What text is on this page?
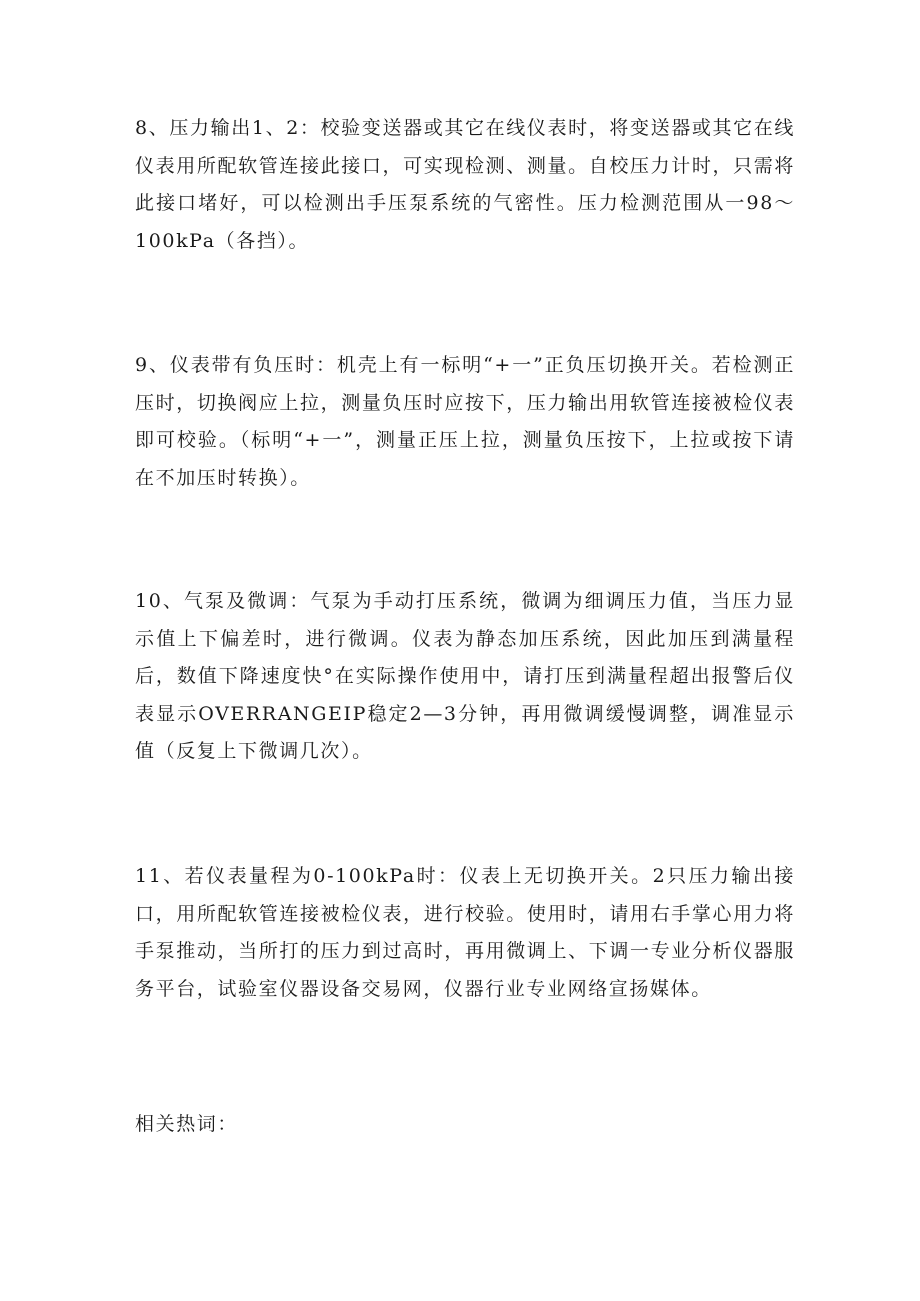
8、压力输出1、2：校验变送器或其它在线仪表时，将变送器或其它在线仪表用所配软管连接此接口，可实现检测、测量。自校压力计时，只需将此接口堵好，可以检测出手压泵系统的气密性。压力检测范围从一98～100kPa（各挡）。

9、仪表带有负压时：机壳上有一标明“+一”正负压切换开关。若检测正压时，切换阀应上拉，测量负压时应按下，压力输出用软管连接被检仪表即可校验。（标明“+一”，测量正压上拉，测量负压按下，上拉或按下请在不加压时转换）。

10、气泵及微调：气泵为手动打压系统，微调为细调压力值，当压力显示值上下偏差时，进行微调。仪表为静态加压系统，因此加压到满量程后，数值下降速度快°在实际操作使用中，请打压到满量程超出报警后仪表显示OVERRANGEIP稳定2—3分钟，再用微调缓慢调整，调准显示值（反复上下微调几次）。

11、若仪表量程为0-100kPa时：仪表上无切换开关。2只压力输出接口，用所配软管连接被检仪表，进行校验。使用时，请用右手掌心用力将手泵推动，当所打的压力到过高时，再用微调上、下调一专业分析仪器服务平台，试验室仪器设备交易网，仪器行业专业网络宣扬媒体。

相关热词：
